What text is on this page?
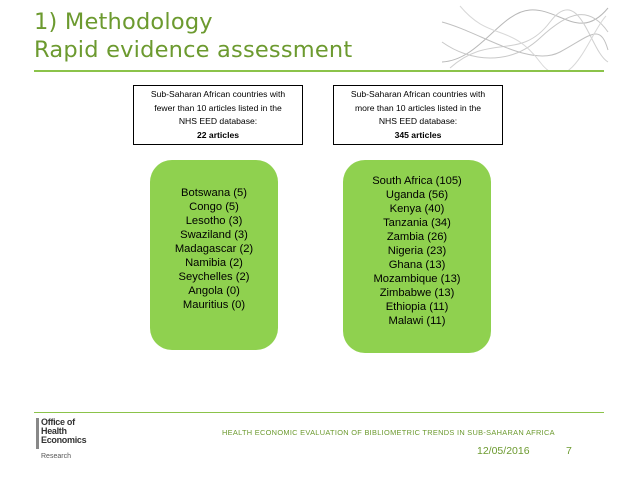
1) Methodology
Rapid evidence assessment
Sub-Saharan African countries with
fewer than 10 articles listed in the
NHS EED database:
22 articles
Sub-Saharan African countries with
more than 10 articles listed in the
NHS EED database:
345 articles
Botswana (5)
Congo (5)
Lesotho (3)
Swaziland (3)
Madagascar (2)
Namibia (2)
Seychelles (2)
Angola (0)
Mauritius (0)
South Africa (105)
Uganda (56)
Kenya (40)
Tanzania (34)
Zambia (26)
Nigeria (23)
Ghana (13)
Mozambique (13)
Zimbabwe (13)
Ethiopia (11)
Malawi (11)
Office of
Health
Economics
Research
HEALTH ECONOMIC EVALUATION OF BIBLIOMETRIC TRENDS IN SUB-SAHARAN AFRICA
12/05/2016	7
